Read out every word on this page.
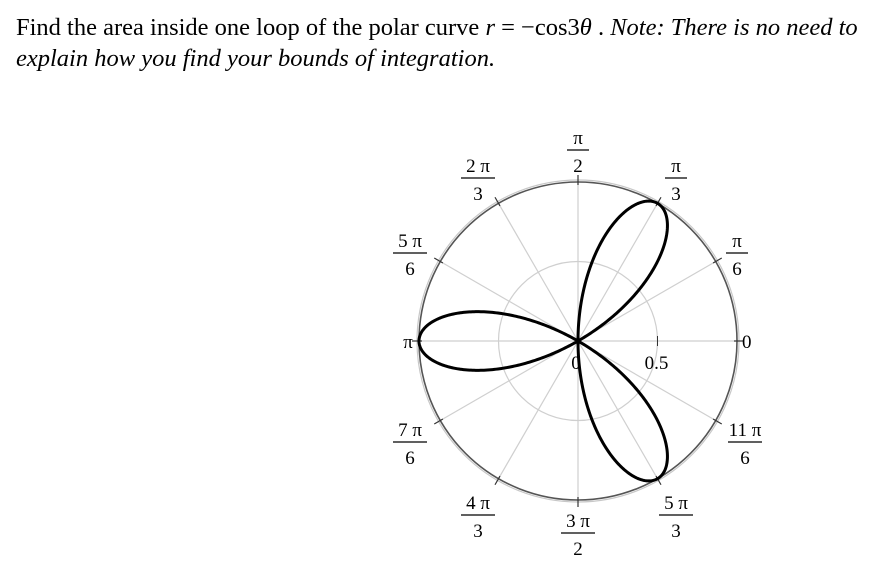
Find the area inside one loop of the polar curve r = −cos3θ . Note: There is no need to explain how you find your bounds of integration.
0	0.5
0
π
6
π
3
π
2
2 π
3
5 π
6
π
7 π
6
4 π
3	3 π
2
5 π
3
11 π
6
